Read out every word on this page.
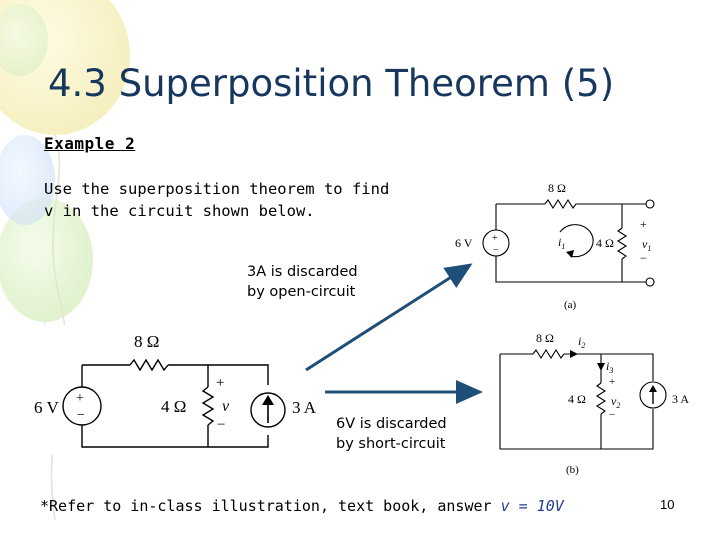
4.3 Superposition Theorem (5)
Example 2
Use the superposition theorem to find
v in the circuit shown below.
+
−
8 Ω
4 Ω
6 V	3 A
+
v
−
+
−
8 Ω
4 Ω
6 V	$i_1$
+
$v_1$
−
(a)
8 Ω
4 Ω	3 A
$i_2$
$i_3$
+
$v_2$
−
(b)
3A is discarded
by open-circuit
6V is discarded
by short-circuit
*Refer to in-class illustration, text book, answer v = 10V	10
